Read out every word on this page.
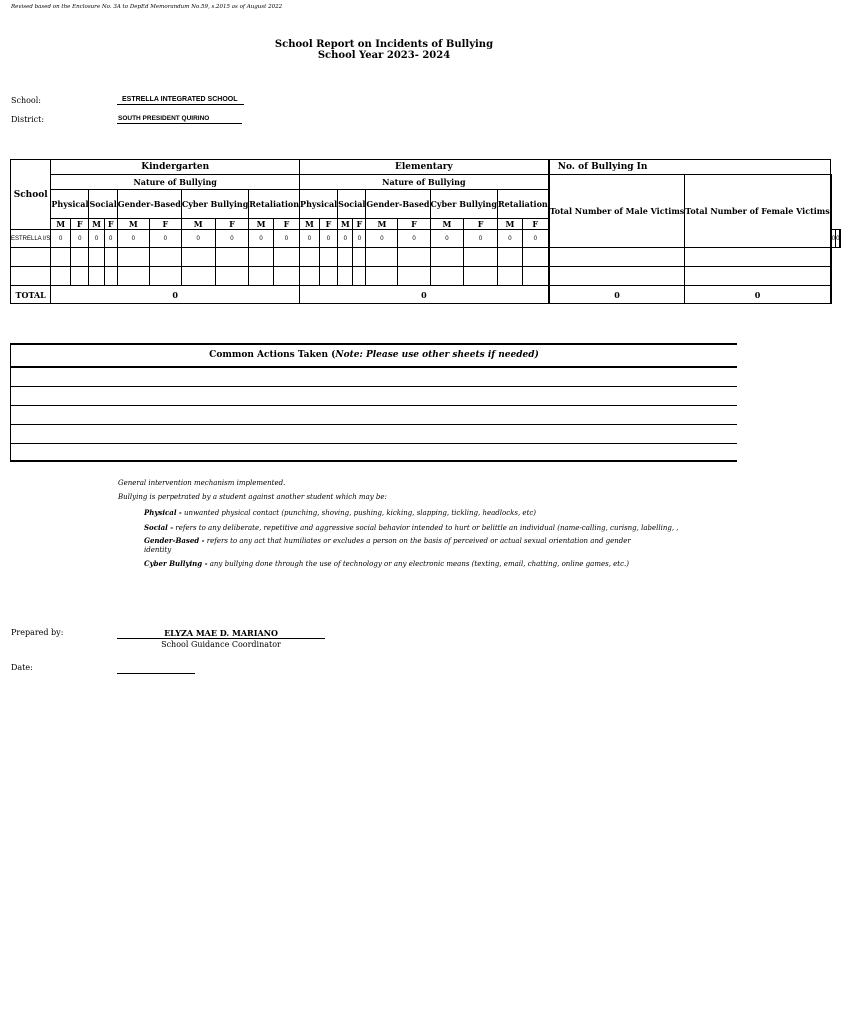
Revised based on the Enclosure No. 3A to DepEd Memorandum No.59, s.2015 as of August 2022
School Report on Incidents of Bullying
School Year 2023- 2024
School:	ESTRELLA INTEGRATED SCHOOL
District:	SOUTH PRESIDENT QUIRINO
School	Kindergarten										Elementary										No. of Bullying In			
	Nature of Bullying										Nature of Bullying										Total Number of Male Victims	Total Number of Female Victims		
	Physical		Social		Gender-Based		Cyber Bullying		Retaliation		Physical		Social		Gender-Based		Cyber Bullying		Retaliation					
	M	F	M	F	M	F	M	F	M	F	M	F	M	F	M	F	M	F	M	F				
ESTRELLA I/S	0	0	0	0	0	0	0	0	0	0	0	0	0	0	0	0	0	0	0	0			0	0

TOTAL	0										0										0	0		
Common Actions Taken (Note: Please use other sheets if needed)
General intervention mechanism implemented.
Bullying is perpetrated by a student against another student which may be:
Physical - unwanted physical contact (punching, shoving, pushing, kicking, slapping, tickling, headlocks, etc)
Social - refers to any deliberate, repetitive and aggressive social behavior intended to hurt or belittle an individual (name-calling, curisng, labelling, ,
Gender-Based - refers to any act that humiliates or excludes a person on the basis of perceived or actual sexual orientation and gender identity
Cyber Bullying - any bullying done through the use of technology or any electronic means (texting, email, chatting, online games, etc.)
Prepared by:	ELYZA MAE D. MARIANO
School Guidance Coordinator
Date:
